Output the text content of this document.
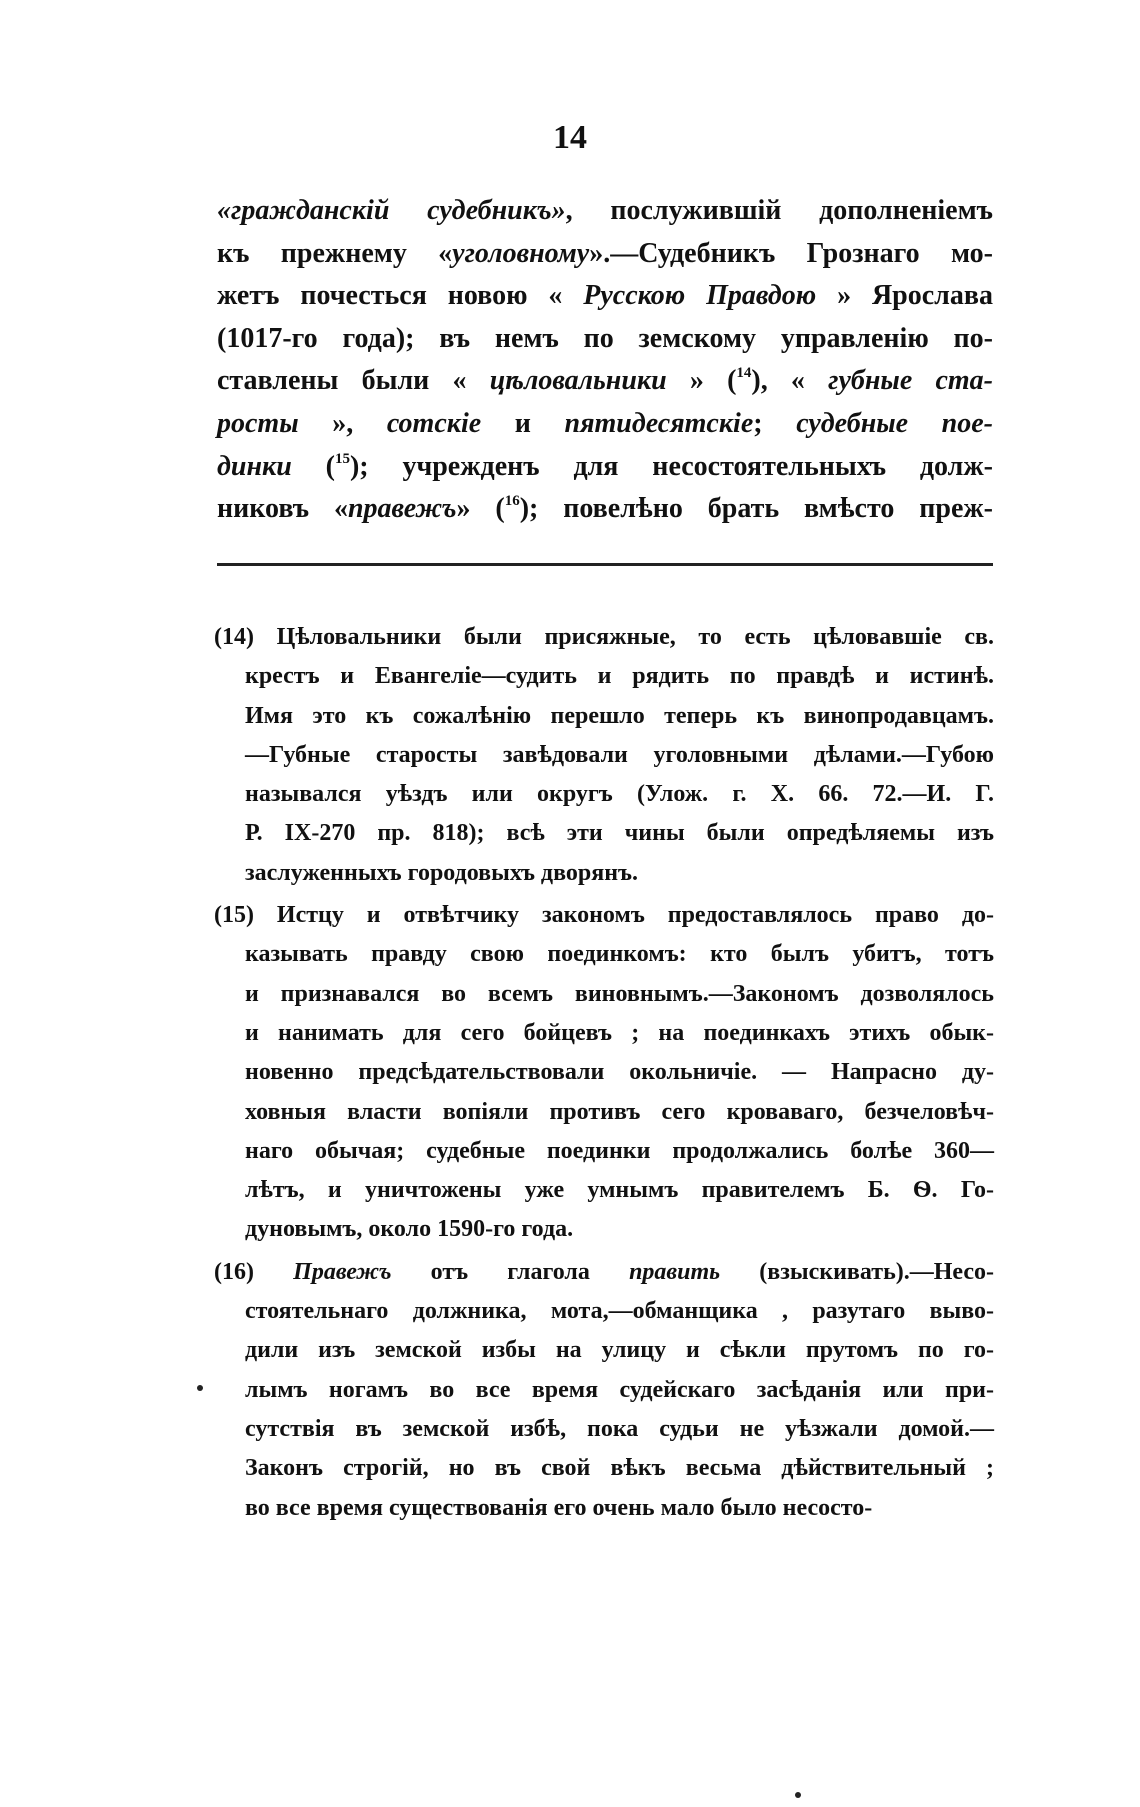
14
«гражданскій судебникъ», послужившій дополненіемъ
къ прежнему «уголовному».—Судебникъ Грознаго мо-
жетъ почесться новою « Русскою Правдою » Ярослава
(1017-го года); въ немъ по земскому управленію по-
ставлены были « цѣловальники » ($^{14}$), « губные ста-
росты », сотскіе и пятидесятскіе; судебные пое-
динки ($^{15}$); учрежденъ для несостоятельныхъ долж-
никовъ «правежъ» ($^{16}$); повелѣно брать вмѣсто преж-
(14) Цѣловальники были присяжные, то есть цѣловавшіе св.
крестъ и Евангеліе—судить и рядить по правдѣ и истинѣ.
Имя это къ сожалѣнію перешло теперь къ винопродавцамъ.
—Губные старосты завѣдовали уголовными дѣлами.—Губою
назывался уѣздъ или округъ (Улож. г. X. 66. 72.—И. Г.
Р. IX-270 пр. 818); всѣ эти чины были опредѣляемы изъ
заслуженныхъ городовыхъ дворянъ.
(15) Истцу и отвѣтчику закономъ предоставлялось право до-
казывать правду свою поединкомъ: кто былъ убитъ, тотъ
и признавался во всемъ виновнымъ.—Закономъ дозволялось
и нанимать для сего бойцевъ ; на поединкахъ этихъ обык-
новенно предсѣдательствовали окольничіе. — Напрасно ду-
ховныя власти вопіяли противъ сего кроваваго, безчеловѣч-
наго обычая; судебные поединки продолжались болѣе 360—
лѣтъ, и уничтожены уже умнымъ правителемъ Б. Ѳ. Го-
дуновымъ, около 1590-го года.
(16) Правежъ отъ глагола править (взыскивать).—Несо-
стоятельнаго должника, мота,—обманщика , разутаго выво-
дили изъ земской избы на улицу и сѣкли прутомъ по го-
лымъ ногамъ во все время судейскаго засѣданія или при-
сутствія въ земской избѣ, пока судьи не уѣзжали домой.—
Законъ строгій, но въ свой вѣкъ весьма дѣйствительный ;
во все время существованія его очень мало было несосто-
